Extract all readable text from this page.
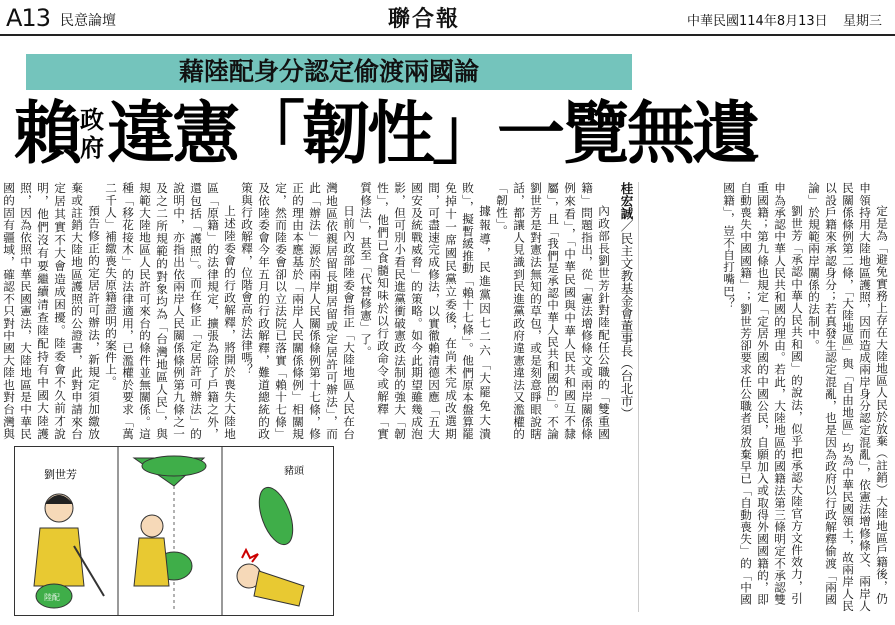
A13 民意論壇	聯合報	中華民國114年8月13日 星期三
藉陸配身分認定偷渡兩國論
賴政
府違憲「韌性」一覽無遺
桂宏誠／民主文教基金會董事長（台北市）

內政部長劉世芳針對陸配任公職的「雙重國籍」問題指出，從「憲法增修條文或兩岸關係條例來看」，「中華民國與中華人民共和國互不隸屬」，且「我們是承認中華人民共和國的」。不論劉世芳是對憲法無知的草包，或是刻意睜眼說瞎話，都讓人見識到民進黨政府違憲違法又濫權的「韌性」。

據報導，民進黨因七二六「大罷免大潰敗」，擬暫緩推動「賴十七條」。他們原本盤算罷免掉十一席國民黨立委後，在尚未完成改選期間，可盡速完成修法，以實徹賴清德因應「五大國安及統戰威脅」的策略。如今此期望雖幾成泡影，但可別小看民進黨衝破憲政法制的強大「韌性」，他們已食髓知味於以行政命令或解釋「實質修法」，甚至「代替修憲」了。

日前內政部陸委會指正「大陸地區人民在台灣地區依親居留長期居留或定居許可辦法」，而此「辦法」源於兩岸人民關係條例第十七條，修正的理由本應基於「兩岸人民關係條例」相關規定，然而陸委會卻以立法院已落實「賴十七條」及依陸委會今年五月的行政解釋，難道總統的政策與行政解釋，位階會高於法律嗎？

上述陸委會的行政解釋，將開於喪失大陸地區「原籍」的法律規定，擴張為除了戶籍之外，還包括「護照」。而在修正「定居許可辦法」的說明中，亦指出依兩岸人民關係條例第九條之一及之二所規範的對象均為「台灣地區人民」，與規範大陸地區人民許可來台的條件並無關係。這種「移花接木」的法律適用，已濫權於要求「萬二千人」補繳喪失原籍證明的案件上。

預告修正的定居許可辦法，新規定須加繳放棄或註銷大陸地區護照的公證書，此對申請來台定居其實不大會造成困擾。陸委會不久前才說明，他們沒有要繼續清查陸配持有中國大陸護照，因為依照中華民國憲法，大陸地區是中華民國的固有疆域，確認不只對中國大陸也對台灣與	定是為「避免實務上存在大陸地區人民於放棄（註銷）大陸地區戶籍後，仍申領持用大陸地區護照，因而造成兩岸身分認定混亂」，依憲法增修條文、兩岸人民關係條例第二條，「大陸地區」與「自由地區」均為中華民國領土，故兩岸人民以設戶籍來承認身分；若真發生認定混亂，也是因為政府以行政解釋偷渡「兩國論」於規範兩岸關係的法制中。

劉世芳「承認中華人民共和國」的說法，似乎把承認大陸官方文件效力，引申為承認中華人民共和國的理由。若此，大陸地區的國籍法第三條明定不承認雙重國籍；第九條也規定「定居外國的中國公民，自願加入或取得外國國籍的，即自動喪失中國國籍」；劉世芳卻要求任公職者須放棄早已「自動喪失」的「中國國籍」，豈不自打嘴巴？

劉世芳
陸配
豬頭
